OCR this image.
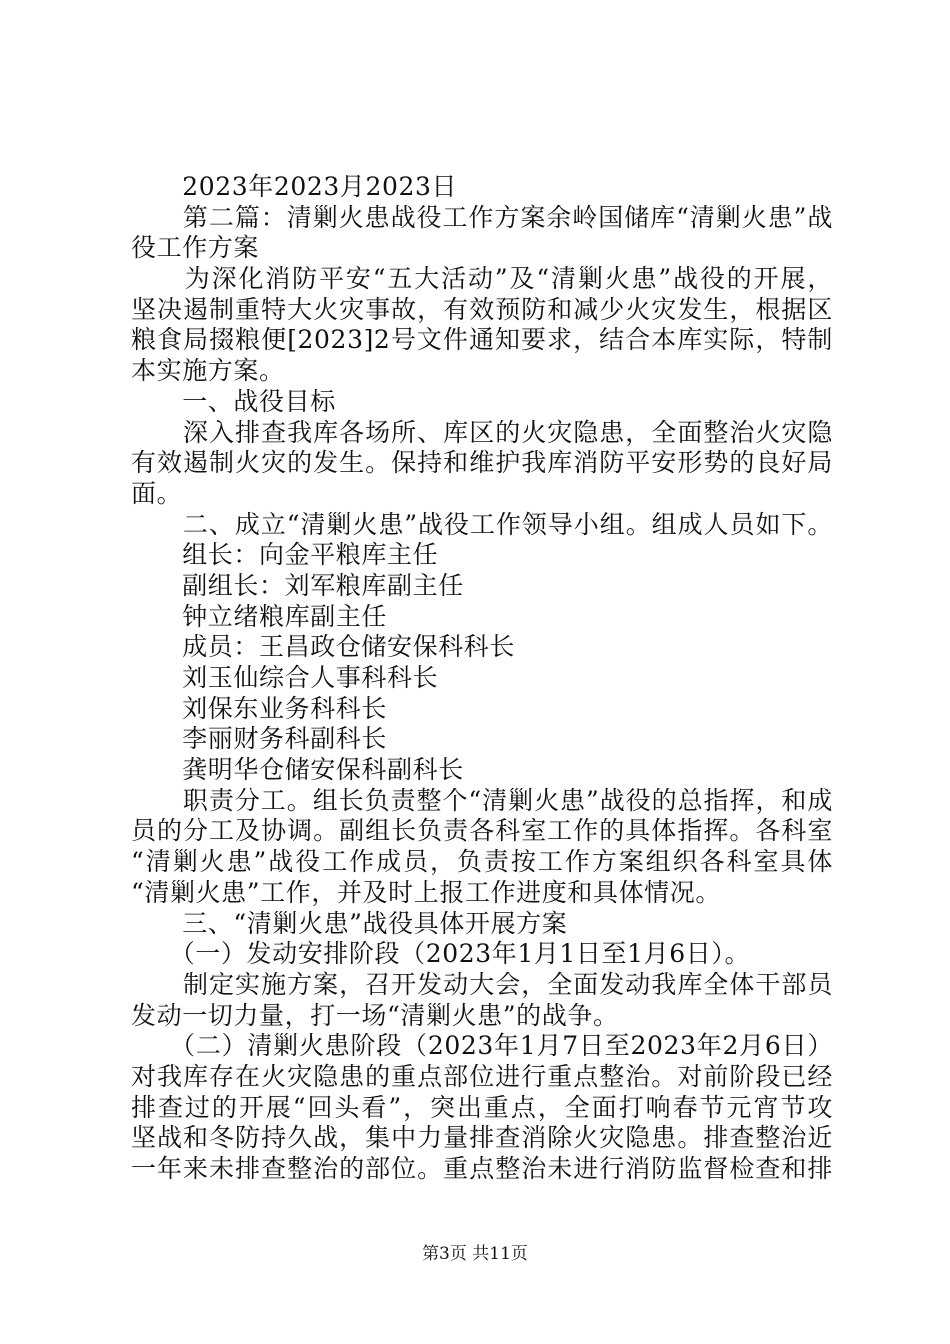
　　2023年2023月2023日
　　第二篇：清剿火患战役工作方案余岭国储库“清剿火患”战
役工作方案
　　为深化消防平安“五大活动”及“清剿火患”战役的开展，
坚决遏制重特大火灾事故，有效预防和减少火灾发生，根据区
粮食局掇粮便[2023]2号文件通知要求，结合本库实际，特制
本实施方案。
　　一、战役目标
　　深入排查我库各场所、库区的火灾隐患，全面整治火灾隐
有效遏制火灾的发生。保持和维护我库消防平安形势的良好局
面。
　　二、成立“清剿火患”战役工作领导小组。组成人员如下。
　　组长：向金平粮库主任
　　副组长：刘军粮库副主任
　　钟立绪粮库副主任
　　成员：王昌政仓储安保科科长
　　刘玉仙综合人事科科长
　　刘保东业务科科长
　　李丽财务科副科长
　　龚明华仓储安保科副科长
　　职责分工。组长负责整个“清剿火患”战役的总指挥，和成
员的分工及协调。副组长负责各科室工作的具体指挥。各科室
“清剿火患”战役工作成员，负责按工作方案组织各科室具体
“清剿火患”工作，并及时上报工作进度和具体情况。
　　三、“清剿火患”战役具体开展方案
　　（一）发动安排阶段（2023年1月1日至1月6日）。
　　制定实施方案，召开发动大会，全面发动我库全体干部员
发动一切力量，打一场“清剿火患”的战争。
　　（二）清剿火患阶段（2023年1月7日至2023年2月6日）
对我库存在火灾隐患的重点部位进行重点整治。对前阶段已经
排查过的开展“回头看”，突出重点，全面打响春节元宵节攻
坚战和冬防持久战，集中力量排查消除火灾隐患。排查整治近
一年来未排查整治的部位。重点整治未进行消防监督检查和排
第3页 共11页
